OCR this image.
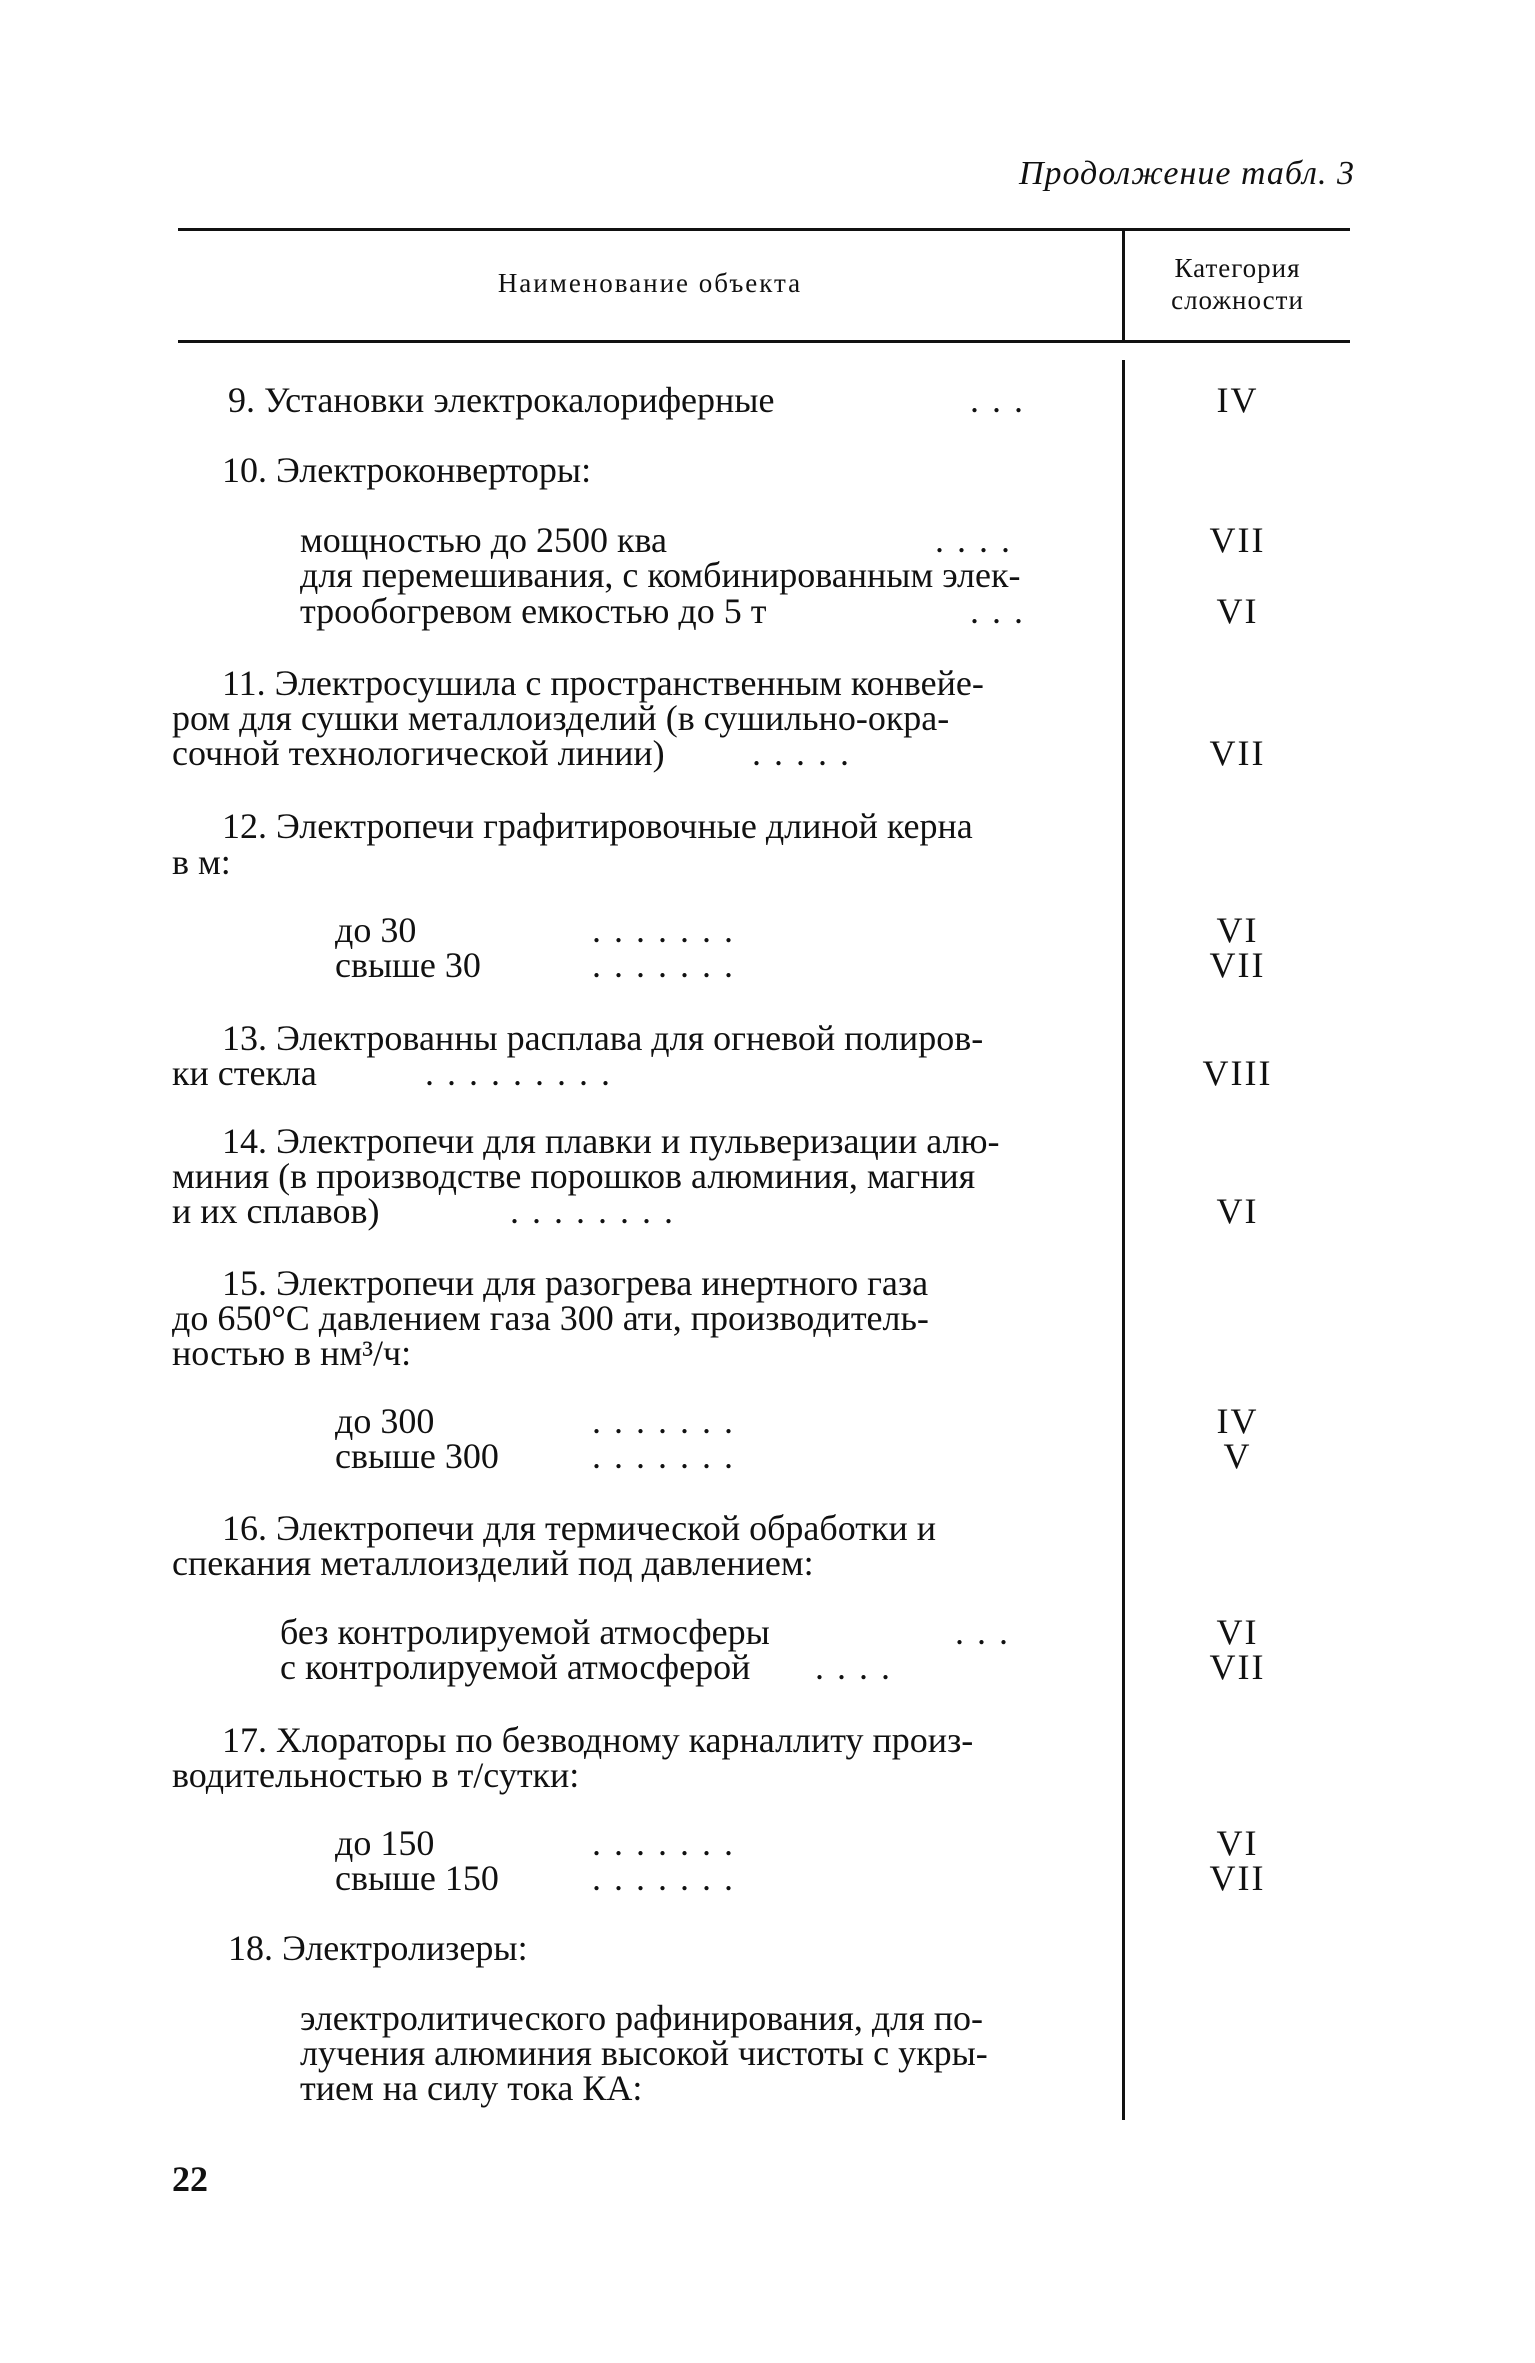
Продолжение табл. 3
Наименование объекта	Категория
сложности
9. Установки электрокалориферные	. . .	IV
10. Электроконверторы:
мощностью до 2500 ква	. . . .	VII
для перемешивания, с комбинированным элек-
трообогревом емкостью до 5 т	. . .	VI
11. Электросушила с пространственным конвейе-
ром для сушки металлоизделий (в сушильно-окра-
сочной технологической линии) . . . . .	VII
12. Электропечи графитировочные длиной керна
в м:
до 30	. . . . . . .	VI
свыше 30	. . . . . . .	VII
13. Электрованны расплава для огневой полиров-
ки стекла	. . . . . . . . .	VIII
14. Электропечи для плавки и пульверизации алю-
миния (в производстве порошков алюминия, магния
и их сплавов)	. . . . . . . .	VI
15. Электропечи для разогрева инертного газа
до 650°С давлением газа 300 ати, производитель-
ностью в нм³/ч:
до 300	. . . . . . .	IV
свыше 300	. . . . . . .	V
16. Электропечи для термической обработки и
спекания металлоизделий под давлением:
без контролируемой атмосферы	. . .	VI
с контролируемой атмосферой . . . .	VII
17. Хлораторы по безводному карналлиту произ-
водительностью в т/сутки:
до 150	. . . . . . .	VI
свыше 150	. . . . . . .	VII
18. Электролизеры:
электролитического рафинирования, для по-
лучения алюминия высокой чистоты с укры-
тием на силу тока КА:
22
